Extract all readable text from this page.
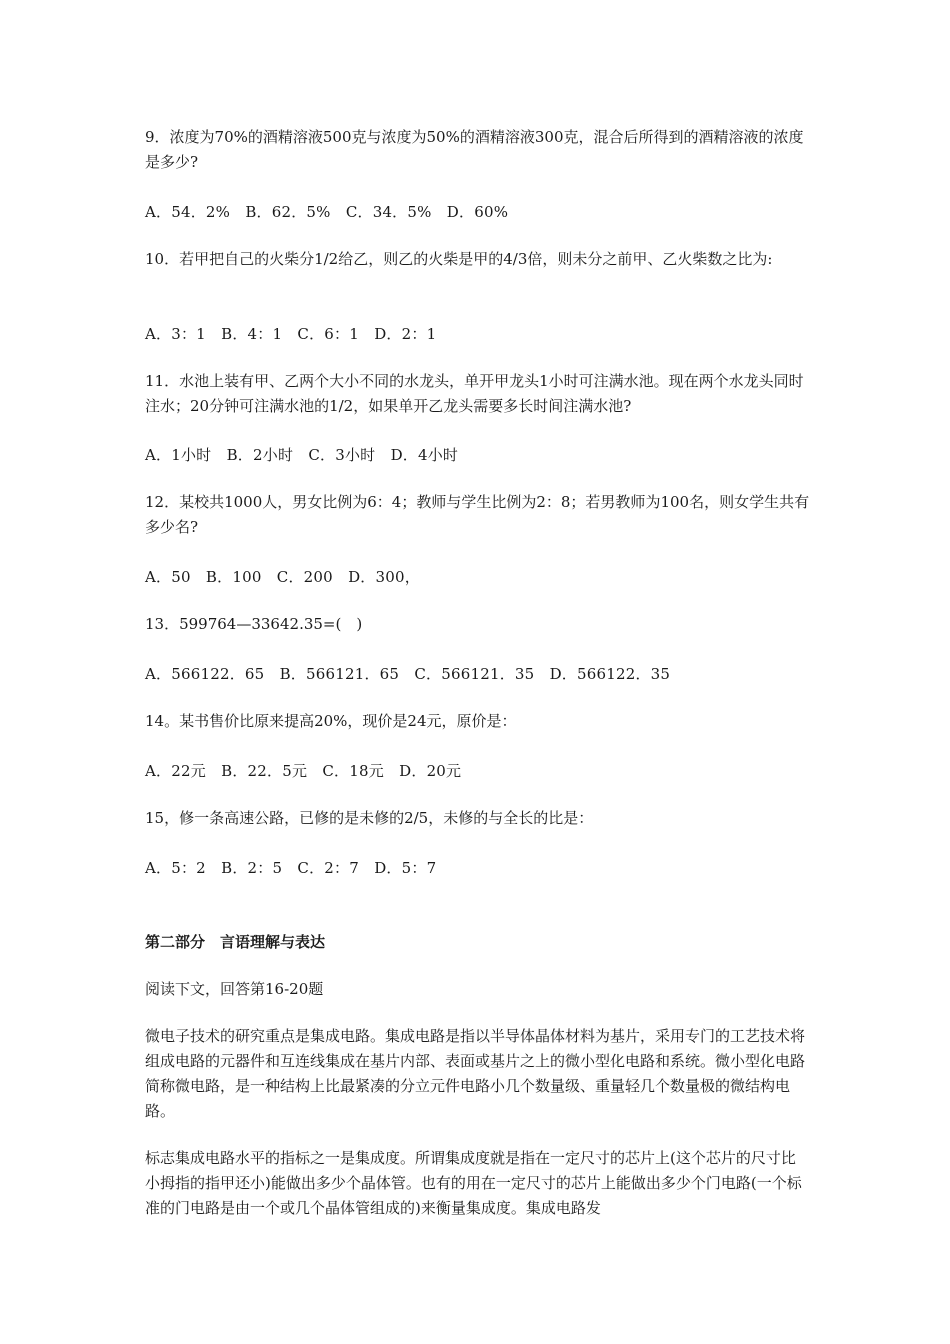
9．浓度为70%的酒精溶液500克与浓度为50%的酒精溶液300克，混合后所得到的酒精溶液的浓度是多少?

A．54．2%　B．62．5%　C．34．5%　D．60%

10．若甲把自己的火柴分1/2给乙，则乙的火柴是甲的4/3倍，则未分之前甲、乙火柴数之比为:

A．3：1　B．4：1　C．6：1　D．2：1

11．水池上装有甲、乙两个大小不同的水龙头，单开甲龙头1小时可注满水池。现在两个水龙头同时注水；20分钟可注满水池的1/2，如果单开乙龙头需要多长时间注满水池?

A．1小时　B．2小时　C．3小时　D．4小时

12．某校共1000人，男女比例为6：4；教师与学生比例为2：8；若男教师为100名，则女学生共有多少名?

A．50　B．100　C．200　D．300，

13．599764—33642.35=(　)

A．566122．65　B．566121．65　C．566121．35　D．566122．35

14。某书售价比原来提高20%，现价是24元，原价是：

A．22元　B．22．5元　C．18元　D．20元

15，修一条高速公路，已修的是未修的2/5，未修的与全长的比是：

A．5：2　B．2：5　C．2：7　D．5：7

第二部分　言语理解与表达

阅读下文，回答第16-20题

微电子技术的研究重点是集成电路。集成电路是指以半导体晶体材料为基片，采用专门的工艺技术将组成电路的元器件和互连线集成在基片内部、表面或基片之上的微小型化电路和系统。微小型化电路简称微电路，是一种结构上比最紧凑的分立元件电路小几个数量级、重量轻几个数量极的微结构电路。

标志集成电路水平的指标之一是集成度。所谓集成度就是指在一定尺寸的芯片上(这个芯片的尺寸比小拇指的指甲还小)能做出多少个晶体管。也有的用在一定尺寸的芯片上能做出多少个门电路(一个标准的门电路是由一个或几个晶体管组成的)来衡量集成度。集成电路发
